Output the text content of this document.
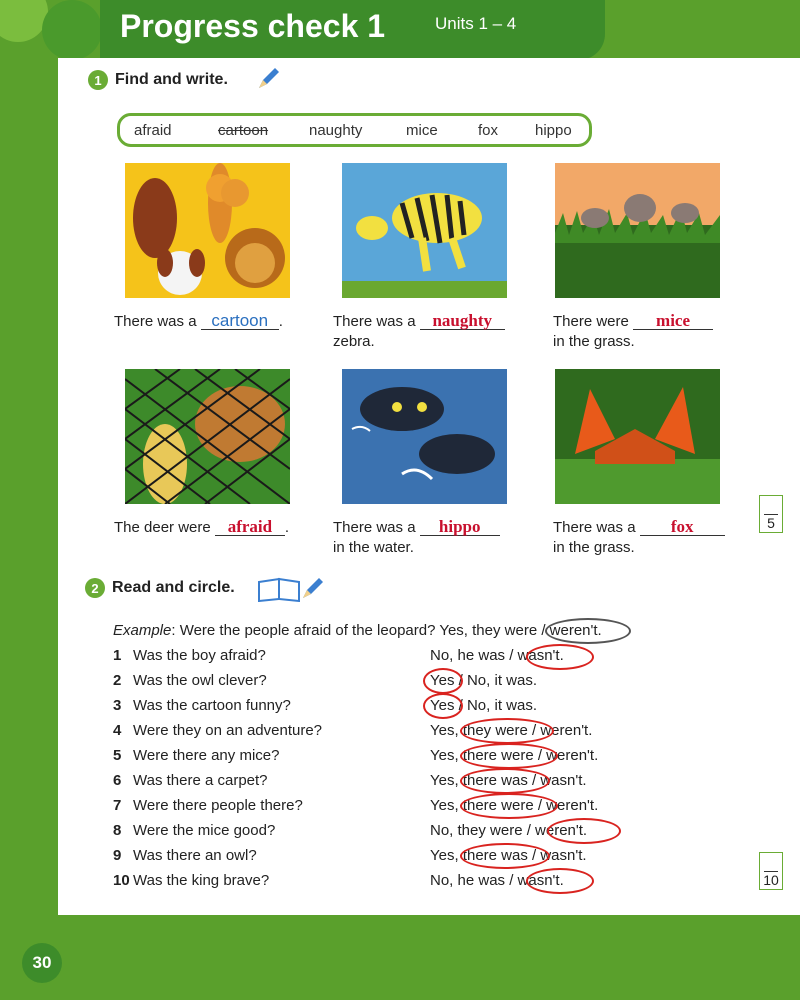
Progress check 1	Units 1 – 4
1 Find and write.
afraid	cartoon	naughty	mice	fox hippo
There was a cartoon .	There was a naughty
zebra.
There were mice
in the grass.
The deer were afraid .	There was a hippo
in the water.
There was a fox
in the grass.
5
2 Read and circle.
Example: Were the people afraid of the leopard? Yes, they were / weren't.
1 Was the boy afraid?	No, he was / wasn't.
2 Was the owl clever?	Yes / No, it was.
3 Was the cartoon funny?	Yes / No, it was.
4 Were they on an adventure?	Yes, they were / weren't.
5 Were there any mice?	Yes, there were / weren't.
6 Was there a carpet?	Yes, there was / wasn't.
7 Were there people there?	Yes, there were / weren't.
8 Were the mice good?	No, they were / weren't.
9 Was there an owl?	Yes, there was / wasn't.
10 Was the king brave?	No, he was / wasn't.	10
30
